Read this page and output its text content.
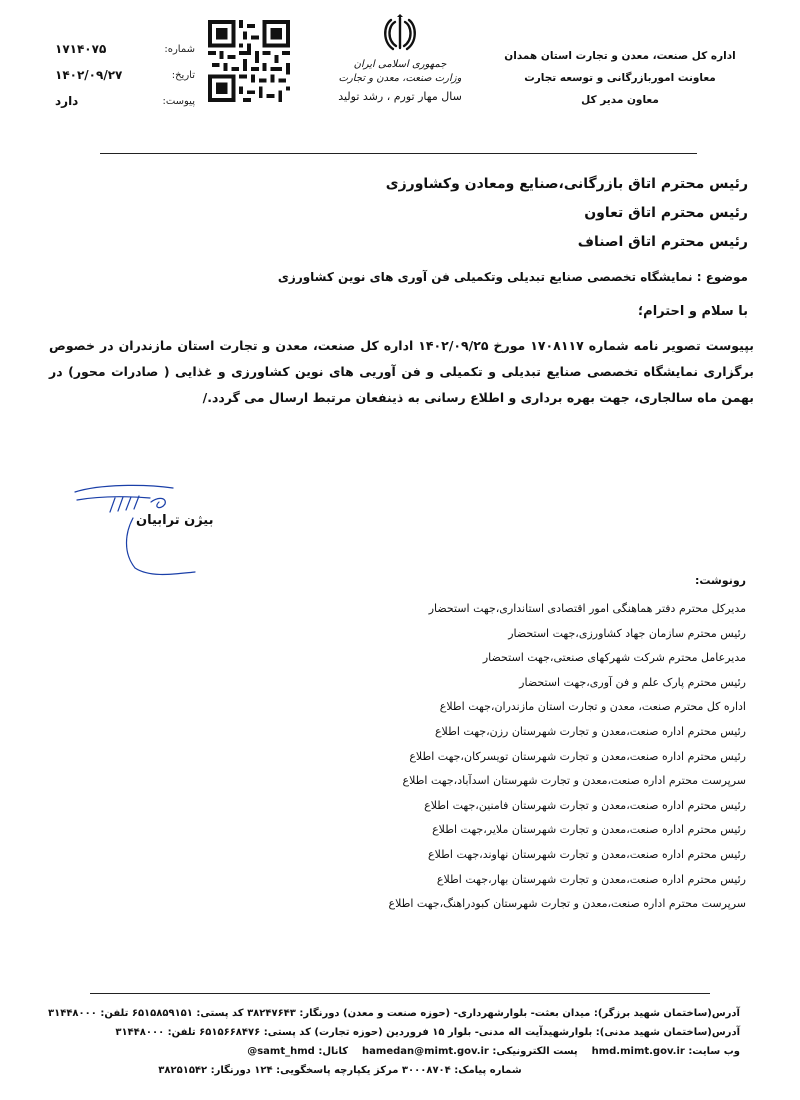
اداره کل صنعت، معدن و تجارت استان همدان
معاونت اموربازرگانی و توسعه تجارت
معاون مدیر کل
جمهوری اسلامی ایران
وزارت صنعت، معدن و تجارت
سال مهار تورم ، رشد تولید
شماره:
۱۷۱۴۰۷۵
تاریخ:
۱۴۰۲/۰۹/۲۷
پیوست:
دارد
رئیس محترم اتاق بازرگانی،صنایع ومعادن وکشاورزی
رئیس محترم اتاق تعاون
رئیس محترم اتاق اصناف
موضوع : نمایشگاه تخصصی صنایع تبدیلی وتکمیلی فن آوری های نوین کشاورزی
با سلام و احترام؛
بپیوست تصویر نامه شماره ۱۷۰۸۱۱۷ مورخ ۱۴۰۲/۰۹/۲۵ اداره کل صنعت، معدن و تجارت استان مازندران در خصوص برگزاری نمایشگاه تخصصی صنایع تبدیلی و تکمیلی و فن آوریی های نوین کشاورزی و غذایی ( صادرات محور) در بهمن ماه سالجاری، جهت بهره برداری و اطلاع رسانی به ذینفعان مرتبط ارسال می گردد./
بیژن ترابیان
رونوشت:
مدیرکل محترم دفتر هماهنگی امور اقتصادی استانداری،جهت استحضار
رئیس محترم سازمان جهاد کشاورزی،جهت استحضار
مدیرعامل محترم شرکت شهرکهای صنعتی،جهت استحضار
رئیس محترم پارک علم و فن آوری،جهت استحضار
اداره کل محترم صنعت، معدن و تجارت استان مازندران،جهت اطلاع
رئیس محترم اداره صنعت،معدن و تجارت شهرستان رزن،جهت اطلاع
رئیس محترم اداره صنعت،معدن و تجارت شهرستان تویسرکان،جهت اطلاع
سرپرست محترم اداره صنعت،معدن و تجارت شهرستان اسدآباد،جهت اطلاع
رئیس محترم اداره صنعت،معدن و تجارت شهرستان فامنین،جهت اطلاع
رئیس محترم اداره صنعت،معدن و تجارت شهرستان ملایر،جهت اطلاع
رئیس محترم اداره صنعت،معدن و تجارت شهرستان نهاوند،جهت اطلاع
رئیس محترم اداره صنعت،معدن و تجارت شهرستان بهار،جهت اطلاع
سرپرست محترم اداره صنعت،معدن و تجارت شهرستان کبودراهنگ،جهت اطلاع
آدرس(ساختمان شهید برزگر): میدان بعثت- بلوارشهرداری- (حوزه صنعت و معدن) دورنگار: ۳۸۲۴۷۶۴۳ کد پستی: ۶۵۱۵۸۵۹۱۵۱ تلفن: ۳۱۴۴۸۰۰۰
آدرس(ساختمان شهید مدنی): بلوارشهیدآیت اله مدنی- بلوار ۱۵ فروردین (حوزه تجارت) کد پستی: ۶۵۱۵۶۶۸۴۷۶ تلفن: ۳۱۴۴۸۰۰۰
وب سایت: hmd.mimt.gov.ir    پست الکترونیکی: hamedan@mimt.gov.ir    کانال: @samt_hmd
شماره پیامک: ۳۰۰۰۸۷۰۴ مرکز یکپارچه پاسخگویی: ۱۲۴ دورنگار: ۳۸۲۵۱۵۴۲
